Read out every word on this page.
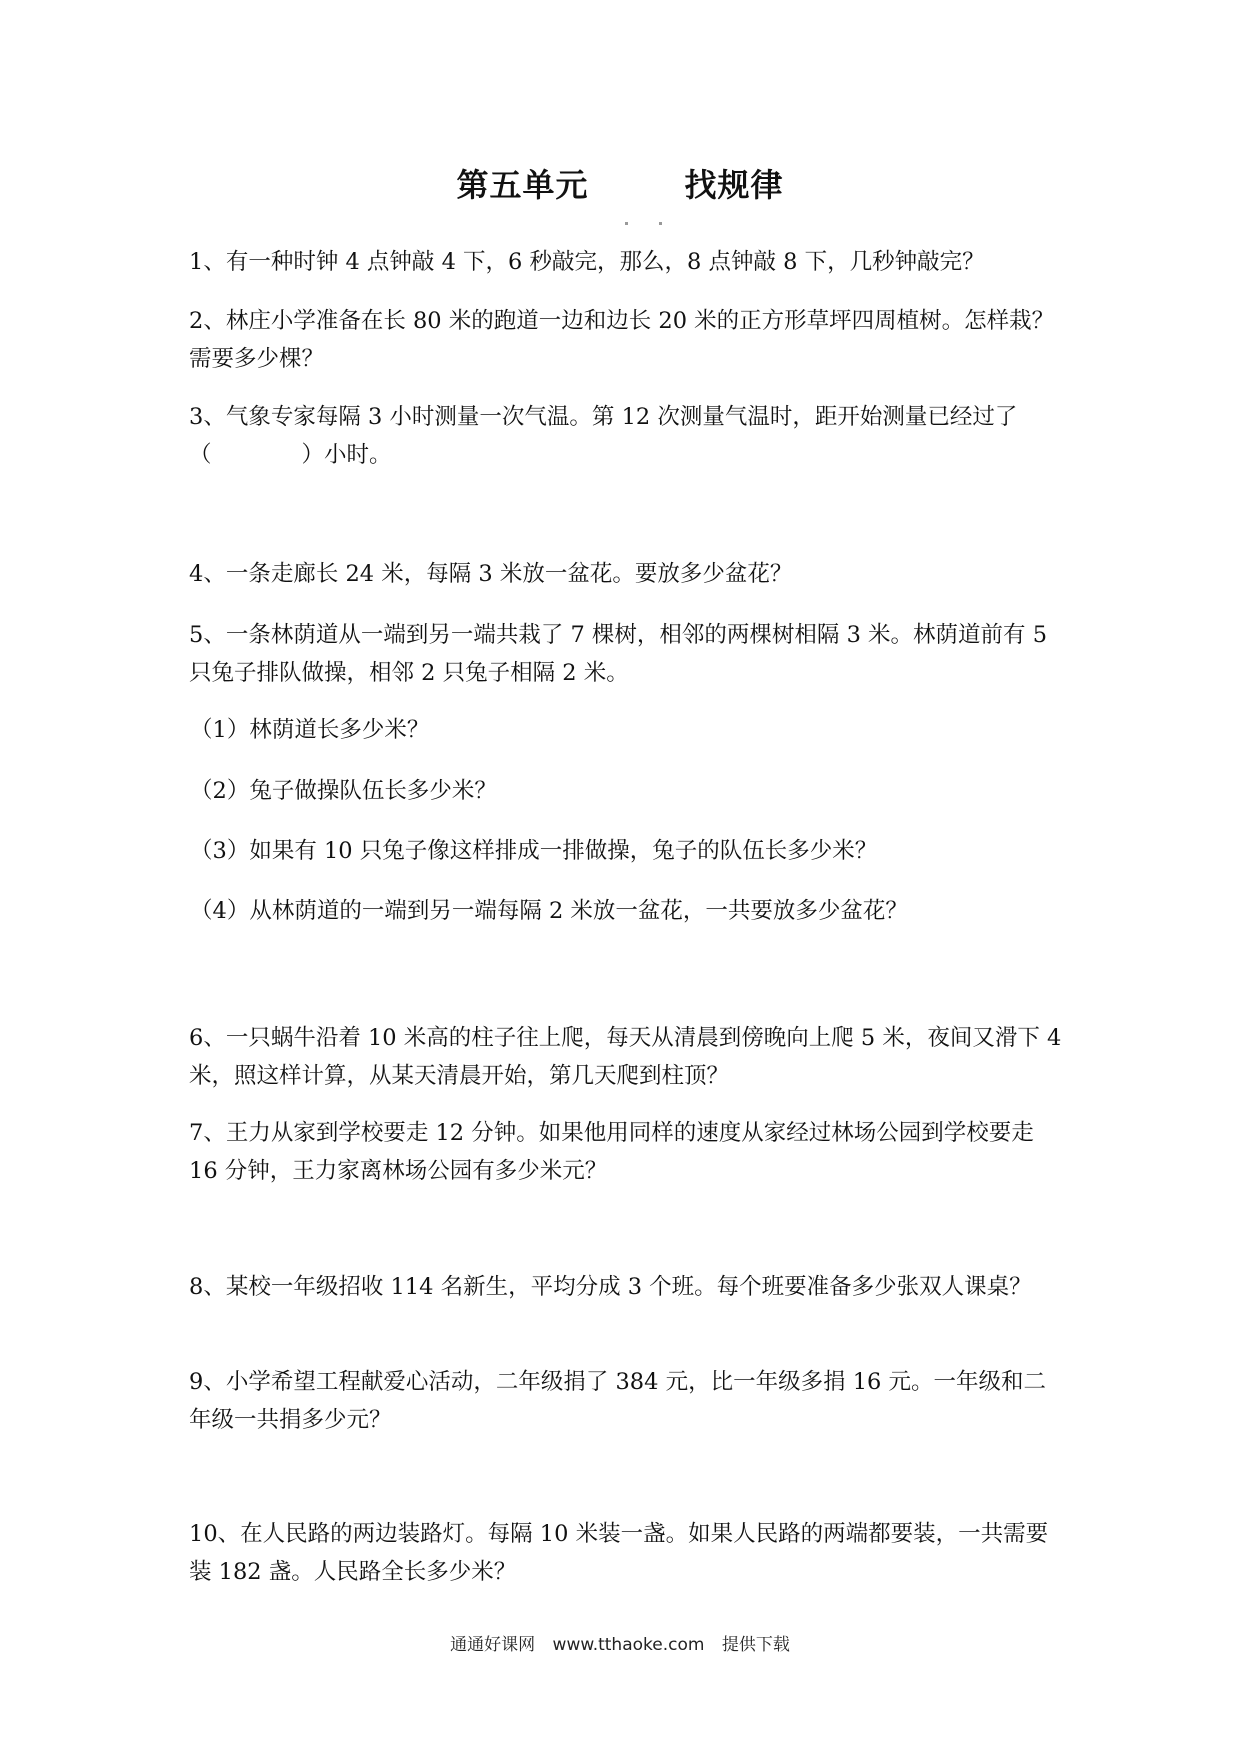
第五单元	找规律

1、有一种时钟 4 点钟敲 4 下，6 秒敲完，那么，8 点钟敲 8 下，几秒钟敲完？

2、林庄小学准备在长 80 米的跑道一边和边长 20 米的正方形草坪四周植树。怎样栽？需要多少棵？

3、气象专家每隔 3 小时测量一次气温。第 12 次测量气温时，距开始测量已经过了（　　　　）小时。

4、一条走廊长 24 米，每隔 3 米放一盆花。要放多少盆花？

5、一条林荫道从一端到另一端共栽了 7 棵树，相邻的两棵树相隔 3 米。林荫道前有 5 只兔子排队做操，相邻 2 只兔子相隔 2 米。

（1）林荫道长多少米？

（2）兔子做操队伍长多少米？

（3）如果有 10 只兔子像这样排成一排做操，兔子的队伍长多少米？

（4）从林荫道的一端到另一端每隔 2 米放一盆花，一共要放多少盆花？

6、一只蜗牛沿着 10 米高的柱子往上爬，每天从清晨到傍晚向上爬 5 米，夜间又滑下 4 米，照这样计算，从某天清晨开始，第几天爬到柱顶？

7、王力从家到学校要走 12 分钟。如果他用同样的速度从家经过林场公园到学校要走 16 分钟，王力家离林场公园有多少米元？

8、某校一年级招收 114 名新生，平均分成 3 个班。每个班要准备多少张双人课桌？

9、小学希望工程献爱心活动，二年级捐了 384 元，比一年级多捐 16 元。一年级和二年级一共捐多少元？

10、在人民路的两边装路灯。每隔 10 米装一盏。如果人民路的两端都要装，一共需要装 182 盏。人民路全长多少米？

通通好课网 www.tthaoke.com 提供下载
